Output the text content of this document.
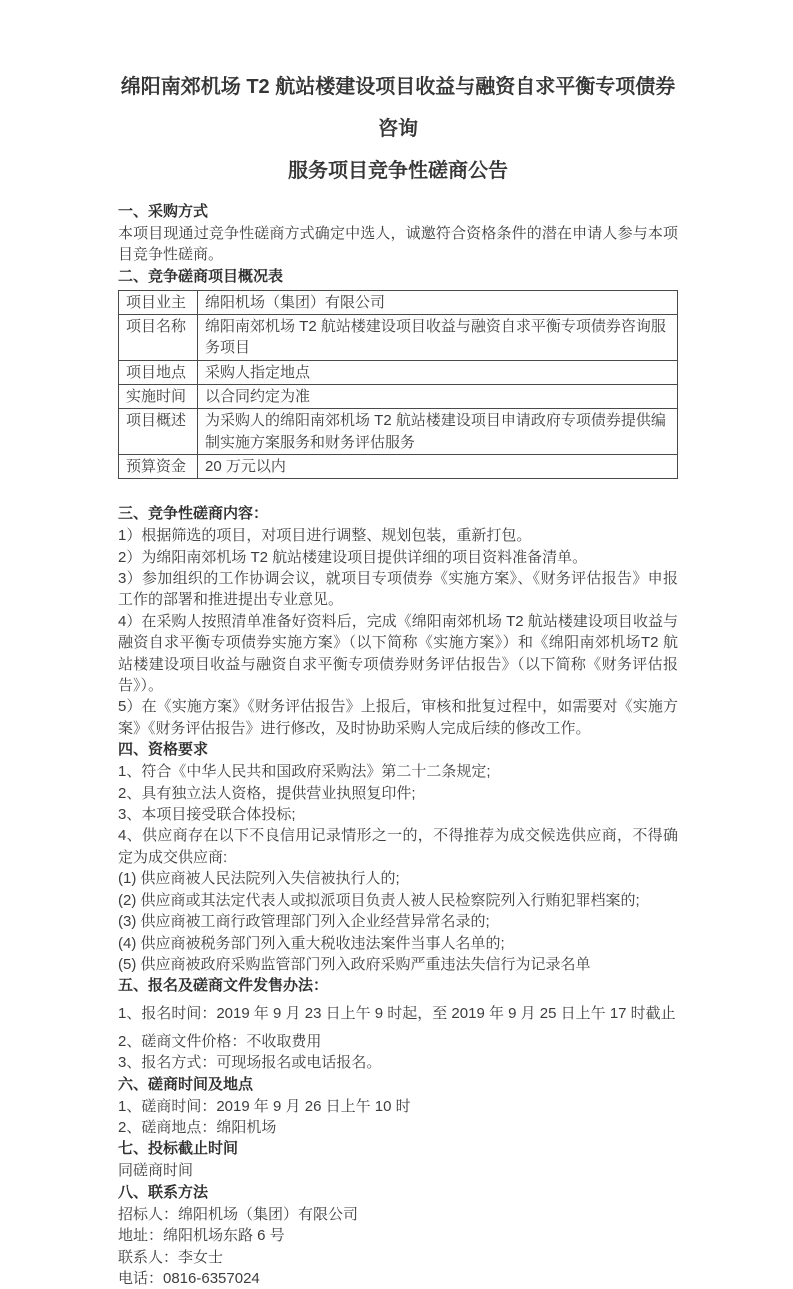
绵阳南郊机场 T2 航站楼建设项目收益与融资自求平衡专项债券咨询
服务项目竞争性磋商公告
一、采购方式

本项目现通过竞争性磋商方式确定中选人，诚邀符合资格条件的潜在申请人参与本项目竞争性磋商。

二、竞争磋商项目概况表
项目业主	绵阳机场（集团）有限公司
项目名称	绵阳南郊机场 T2 航站楼建设项目收益与融资自求平衡专项债券咨询服务项目
项目地点	采购人指定地点
实施时间	以合同约定为准
项目概述	为采购人的绵阳南郊机场 T2 航站楼建设项目申请政府专项债券提供编制实施方案服务和财务评估服务
预算资金	20 万元以内
三、竞争性磋商内容：

1）根据筛选的项目，对项目进行调整、规划包装，重新打包。

2）为绵阳南郊机场 T2 航站楼建设项目提供详细的项目资料准备清单。

3）参加组织的工作协调会议，就项目专项债券《实施方案》、《财务评估报告》申报工作的部署和推进提出专业意见。

4）在采购人按照清单准备好资料后，完成《绵阳南郊机场 T2 航站楼建设项目收益与融资自求平衡专项债券实施方案》（以下简称《实施方案》）和《绵阳南郊机场T2 航站楼建设项目收益与融资自求平衡专项债券财务评估报告》（以下简称《财务评估报告》）。

5）在《实施方案》《财务评估报告》上报后，审核和批复过程中，如需要对《实施方案》《财务评估报告》进行修改，及时协助采购人完成后续的修改工作。

四、资格要求

1、符合《中华人民共和国政府采购法》第二十二条规定;

2、具有独立法人资格，提供营业执照复印件;

3、本项目接受联合体投标;

4、供应商存在以下不良信用记录情形之一的，不得推荐为成交候选供应商，不得确定为成交供应商:

(1) 供应商被人民法院列入失信被执行人的;

(2) 供应商或其法定代表人或拟派项目负责人被人民检察院列入行贿犯罪档案的;

(3) 供应商被工商行政管理部门列入企业经营异常名录的;

(4) 供应商被税务部门列入重大税收违法案件当事人名单的;

(5) 供应商被政府采购监管部门列入政府采购严重违法失信行为记录名单

五、报名及磋商文件发售办法：

1、报名时间：2019 年 9 月 23 日上午 9 时起，至 2019 年 9 月 25 日上午 17 时截止

2、磋商文件价格：不收取费用

3、报名方式：可现场报名或电话报名。

六、磋商时间及地点

1、磋商时间：2019 年 9 月 26 日上午 10 时

2、磋商地点：绵阳机场

七、投标截止时间

同磋商时间

八、联系方法

招标人：绵阳机场（集团）有限公司

地址：绵阳机场东路 6 号

联系人：李女士

电话：0816-6357024
